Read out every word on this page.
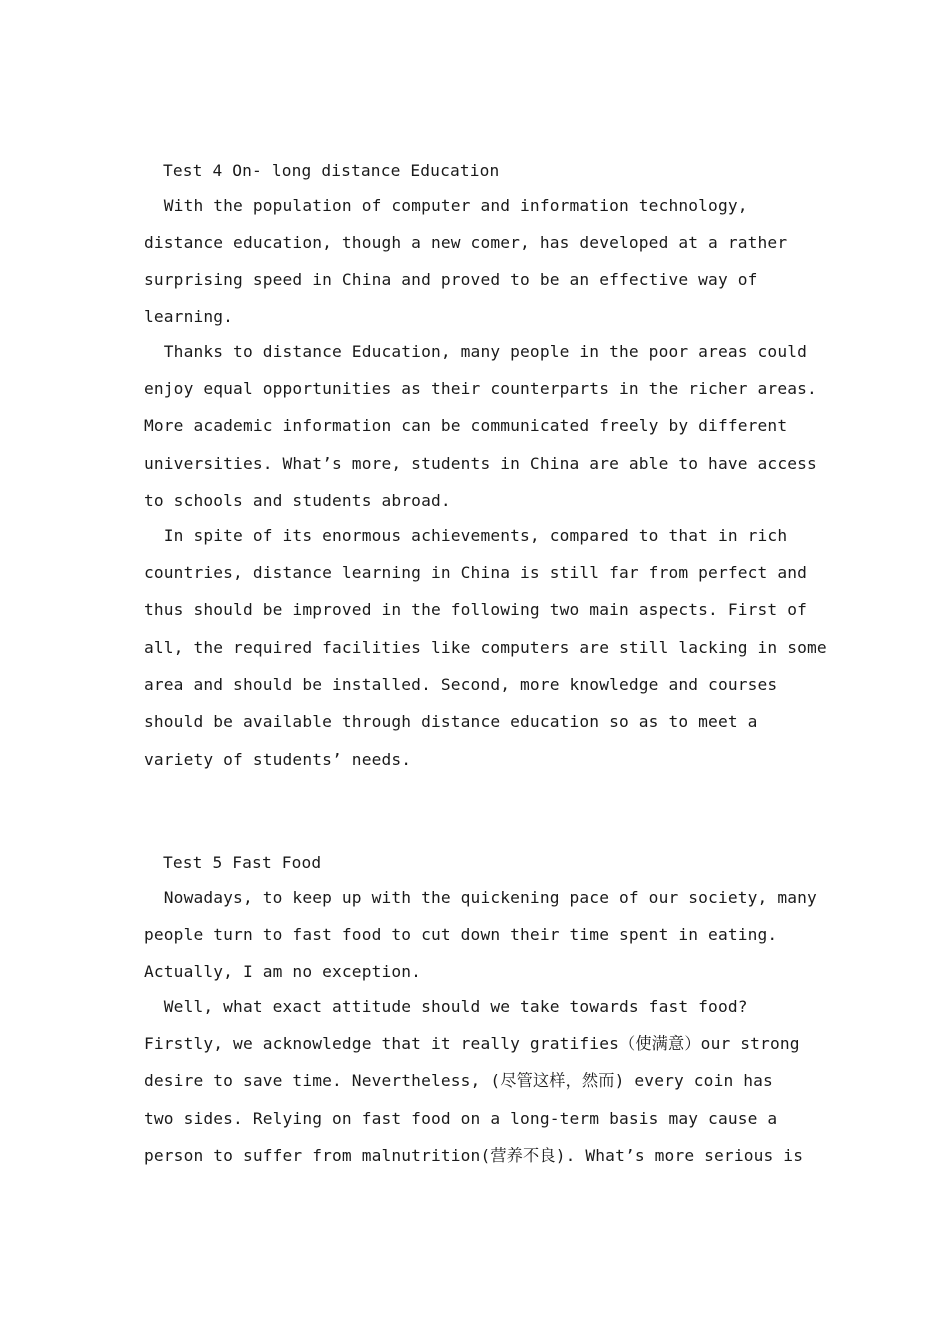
Test 4 On- long distance Education
With the population of computer and information technology,
distance education, though a new comer, has developed at a rather
surprising speed in China and proved to be an effective way of
learning.
Thanks to distance Education, many people in the poor areas could
enjoy equal opportunities as their counterparts in the richer areas.
More academic information can be communicated freely by different
universities. What’s more, students in China are able to have access
to schools and students abroad.
In spite of its enormous achievements, compared to that in rich
countries, distance learning in China is still far from perfect and
thus should be improved in the following two main aspects. First of
all, the required facilities like computers are still lacking in some
area and should be installed. Second, more knowledge and courses
should be available through distance education so as to meet a
variety of students’ needs.
Test 5 Fast Food
Nowadays, to keep up with the quickening pace of our society, many
people turn to fast food to cut down their time spent in eating.
Actually, I am no exception.
Well, what exact attitude should we take towards fast food?
Firstly, we acknowledge that it really gratifies（使满意）our strong
desire to save time. Nevertheless, (尽管这样，然而) every coin has
two sides. Relying on fast food on a long-term basis may cause a
person to suffer from malnutrition(营养不良). What’s more serious is
